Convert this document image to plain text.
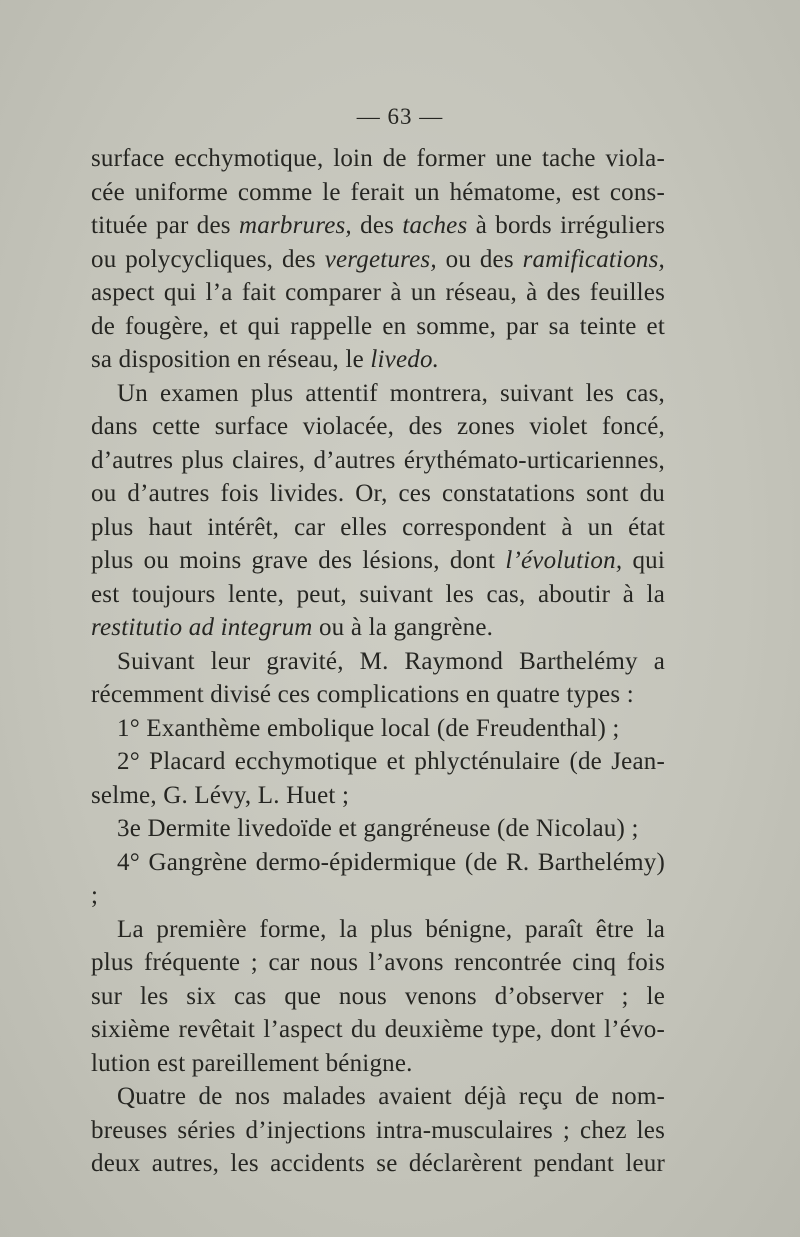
— 63 —

surface ecchymotique, loin de former une tache viola-

cée uniforme comme le ferait un hématome, est cons-

tituée par des marbrures, des taches à bords irréguliers

ou polycycliques, des vergetures, ou des ramifications,

aspect qui l’a fait comparer à un réseau, à des feuilles

de fougère, et qui rappelle en somme, par sa teinte et

sa disposition en réseau, le livedo.

Un examen plus attentif montrera, suivant les cas,

dans cette surface violacée, des zones violet foncé,

d’autres plus claires, d’autres érythémato-urticariennes,

ou d’autres fois livides. Or, ces constatations sont du

plus haut intérêt, car elles correspondent à un état

plus ou moins grave des lésions, dont l’évolution, qui

est toujours lente, peut, suivant les cas, aboutir à la

restitutio ad integrum ou à la gangrène.

Suivant leur gravité, M. Raymond Barthelémy a

récemment divisé ces complications en quatre types :

1° Exanthème embolique local (de Freudenthal) ;

2° Placard ecchymotique et phlycténulaire (de Jean-

selme, G. Lévy, L. Huet ;

3e Dermite livedoïde et gangréneuse (de Nicolau) ;

4° Gangrène dermo-épidermique (de R. Barthelémy) ;

La première forme, la plus bénigne, paraît être la

plus fréquente ; car nous l’avons rencontrée cinq fois

sur les six cas que nous venons d’observer ; le

sixième revêtait l’aspect du deuxième type, dont l’évo-

lution est pareillement bénigne.

Quatre de nos malades avaient déjà reçu de nom-

breuses séries d’injections intra-musculaires ; chez les

deux autres, les accidents se déclarèrent pendant leur
